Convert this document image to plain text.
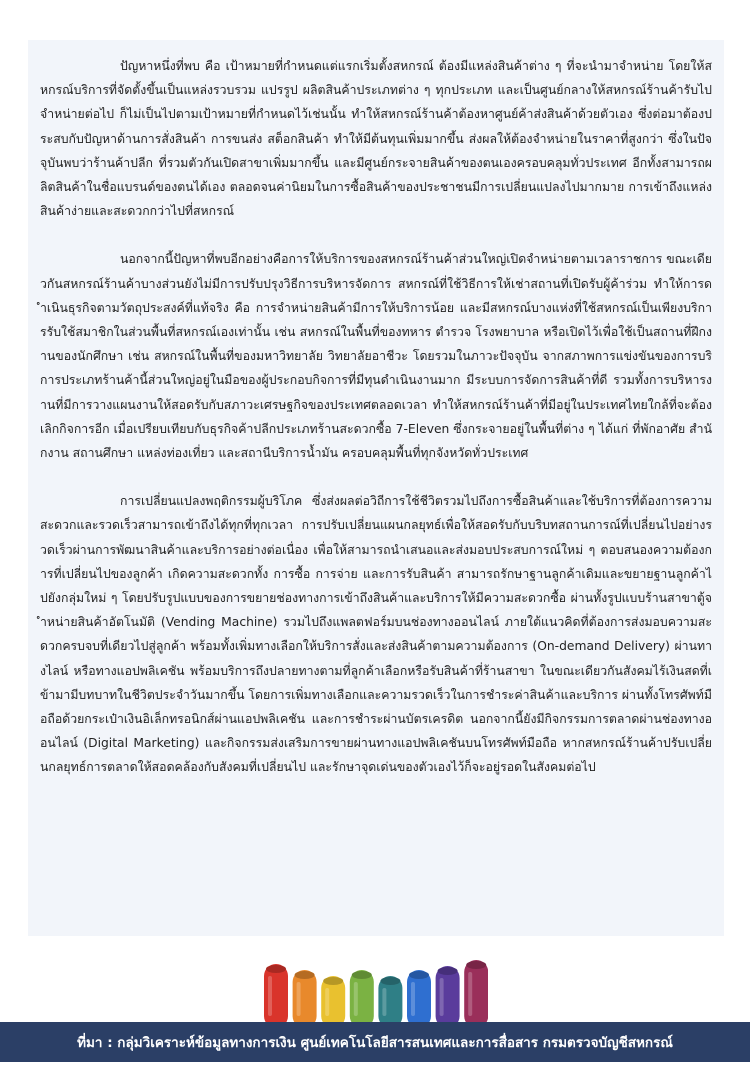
ปัญหาหนึ่งที่พบ คือ เป้าหมายที่กำหนดแต่แรกเริ่มตั้งสหกรณ์ ต้องมีแหล่งสินค้าต่าง ๆ ที่จะนำมาจำหน่าย โดยให้สหกรณ์บริการที่จัดตั้งขึ้นเป็นแหล่งรวบรวม แปรรูป ผลิตสินค้าประเภทต่าง ๆ ทุกประเภท และเป็นศูนย์กลางให้สหกรณ์ร้านค้ารับไปจำหน่ายต่อไป ก็ไม่เป็นไปตามเป้าหมายที่กำหนดไว้เช่นนั้น ทำให้สหกรณ์ร้านค้าต้องหาศูนย์ค้าส่งสินค้าด้วยตัวเอง ซึ่งต่อมาต้องประสบกับปัญหาด้านการสั่งสินค้า การขนส่ง สต็อกสินค้า ทำให้มีต้นทุนเพิ่มมากขึ้น ส่งผลให้ต้องจำหน่ายในราคาที่สูงกว่า ซึ่งในปัจจุบันพบว่าร้านค้าปลีก ที่รวมตัวกันเปิดสาขาเพิ่มมากขึ้น และมีศูนย์กระจายสินค้าของตนเองครอบคลุมทั่วประเทศ อีกทั้งสามารถผลิตสินค้าในชื่อแบรนด์ของตนได้เอง ตลอดจนค่านิยมในการซื้อสินค้าของประชาชนมีการเปลี่ยนแปลงไปมากมาย การเข้าถึงแหล่งสินค้าง่ายและสะดวกกว่าไปที่สหกรณ์

นอกจากนี้ปัญหาที่พบอีกอย่างคือการให้บริการของสหกรณ์ร้านค้าส่วนใหญ่เปิดจำหน่ายตามเวลาราชการ ขณะเดียวกันสหกรณ์ร้านค้าบางส่วนยังไม่มีการปรับปรุงวิธีการบริหารจัดการ สหกรณ์ที่ใช้วิธีการให้เช่าสถานที่เปิดรับผู้ค้าร่วม ทำให้การดำเนินธุรกิจตามวัตถุประสงค์ที่แท้จริง คือ การจำหน่ายสินค้ามีการให้บริการน้อย และมีสหกรณ์บางแห่งที่ใช้สหกรณ์เป็นเพียงบริการรับใช้สมาชิกในส่วนพื้นที่สหกรณ์เองเท่านั้น เช่น สหกรณ์ในพื้นที่ของทหาร ตำรวจ โรงพยาบาล หรือเปิดไว้เพื่อใช้เป็นสถานที่ฝึกงานของนักศึกษา เช่น สหกรณ์ในพื้นที่ของมหาวิทยาลัย วิทยาลัยอาชีวะ โดยรวมในภาวะปัจจุบัน จากสภาพการแข่งขันของการบริการประเภทร้านค้านี้ส่วนใหญ่อยู่ในมือของผู้ประกอบกิจการที่มีทุนดำเนินงานมาก มีระบบการจัดการสินค้าที่ดี รวมทั้งการบริหารงานที่มีการวางแผนงานให้สอดรับกับสภาวะเศรษฐกิจของประเทศตลอดเวลา ทำให้สหกรณ์ร้านค้าที่มีอยู่ในประเทศไทยใกล้ที่จะต้องเลิกกิจการอีก เมื่อเปรียบเทียบกับธุรกิจค้าปลีกประเภทร้านสะดวกซื้อ 7-Eleven ซึ่งกระจายอยู่ในพื้นที่ต่าง ๆ ได้แก่ ที่พักอาศัย สำนักงาน สถานศึกษา แหล่งท่องเที่ยว และสถานีบริการน้ำมัน ครอบคลุมพื้นที่ทุกจังหวัดทั่วประเทศ

การเปลี่ยนแปลงพฤติกรรมผู้บริโภค ซึ่งส่งผลต่อวิถีการใช้ชีวิตรวมไปถึงการซื้อสินค้าและใช้บริการที่ต้องการความสะดวกและรวดเร็วสามารถเข้าถึงได้ทุกที่ทุกเวลา การปรับเปลี่ยนแผนกลยุทธ์เพื่อให้สอดรับกับบริบทสถานการณ์ที่เปลี่ยนไปอย่างรวดเร็วผ่านการพัฒนาสินค้าและบริการอย่างต่อเนื่อง เพื่อให้สามารถนำเสนอและส่งมอบประสบการณ์ใหม่ ๆ ตอบสนองความต้องการที่เปลี่ยนไปของลูกค้า เกิดความสะดวกทั้ง การซื้อ การจ่าย และการรับสินค้า สามารถรักษาฐานลูกค้าเดิมและขยายฐานลูกค้าไปยังกลุ่มใหม่ ๆ โดยปรับรูปแบบของการขยายช่องทางการเข้าถึงสินค้าและบริการให้มีความสะดวกซื้อ ผ่านทั้งรูปแบบร้านสาขาตู้จำหน่ายสินค้าอัตโนมัติ (Vending Machine) รวมไปถึงแพลตฟอร์มบนช่องทางออนไลน์ ภายใต้แนวคิดที่ต้องการส่งมอบความสะดวกครบจบที่เดียวไปสู่ลูกค้า พร้อมทั้งเพิ่มทางเลือกให้บริการสั่งและส่งสินค้าตามความต้องการ (On-demand Delivery) ผ่านทางไลน์ หรือทางแอปพลิเคชัน พร้อมบริการถึงปลายทางตามที่ลูกค้าเลือกหรือรับสินค้าที่ร้านสาขา ในขณะเดียวกันสังคมไร้เงินสดที่เข้ามามีบทบาทในชีวิตประจำวันมากขึ้น โดยการเพิ่มทางเลือกและความรวดเร็วในการชำระค่าสินค้าและบริการ ผ่านทั้งโทรศัพท์มือถือด้วยกระเป๋าเงินอิเล็กทรอนิกส์ผ่านแอปพลิเคชัน และการชำระผ่านบัตรเครดิต นอกจากนี้ยังมีกิจกรรมการตลาดผ่านช่องทางออนไลน์ (Digital Marketing) และกิจกรรมส่งเสริมการขายผ่านทางแอปพลิเคชันบนโทรศัพท์มือถือ หากสหกรณ์ร้านค้าปรับเปลี่ยนกลยุทธ์การตลาดให้สอดคล้องกับสังคมที่เปลี่ยนไป และรักษาจุดเด่นของตัวเองไว้ก็จะอยู่รอดในสังคมต่อไป

ที่มา : กลุ่มวิเคราะห์ข้อมูลทางการเงิน ศูนย์เทคโนโลยีสารสนเทศและการสื่อสาร กรมตรวจบัญชีสหกรณ์
